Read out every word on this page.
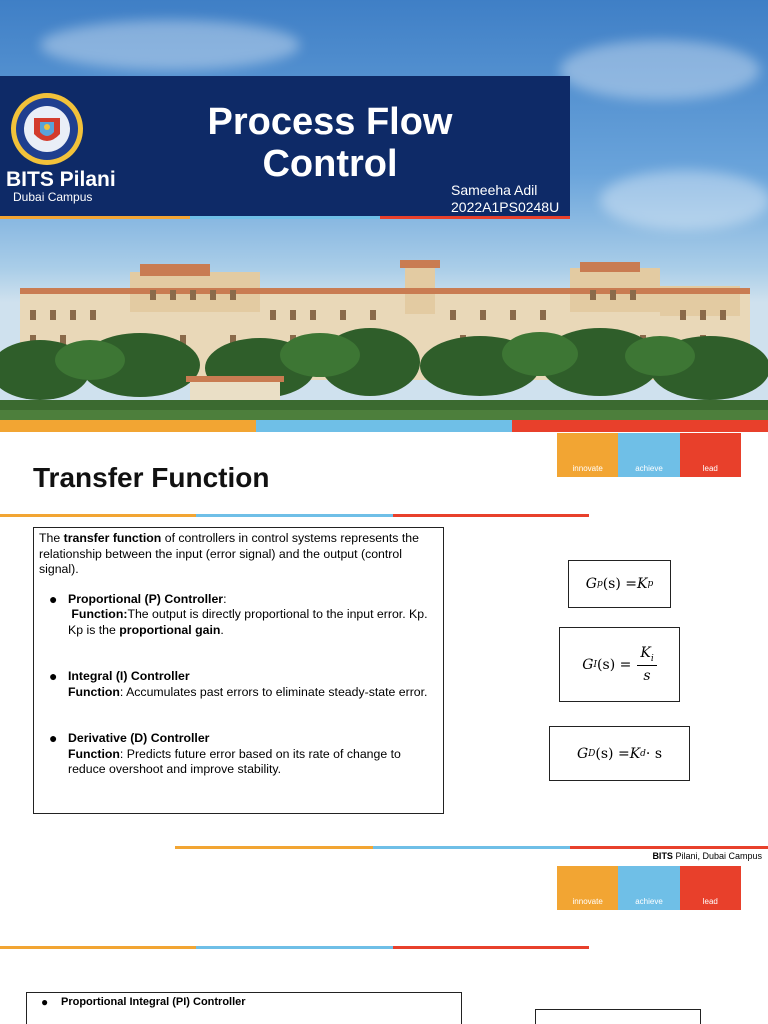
BITS Pilani
Dubai Campus
Process Flow
Control
Sameeha Adil
2022A1PS0248U
innovate	achieve	lead
Transfer Function

The transfer function of controllers in control systems represents the relationship between the input (error signal) and the output (control signal).

● Proportional (P) Controller:
Function:The output is directly proportional to the input error. Kp. Kp is the proportional gain.
● Integral (I) Controller
Function: Accumulates past errors to eliminate steady-state error.
● Derivative (D) Controller
Function: Predicts future error based on its rate of change to reduce overshoot and improve stability.
G p (s) = K p
G I $(s) = \frac{K_i}{s}$
G D (s) = K d · s
BITS Pilani, Dubai Campus
innovate	achieve	lead
● Proportional Integral (PI) Controller
